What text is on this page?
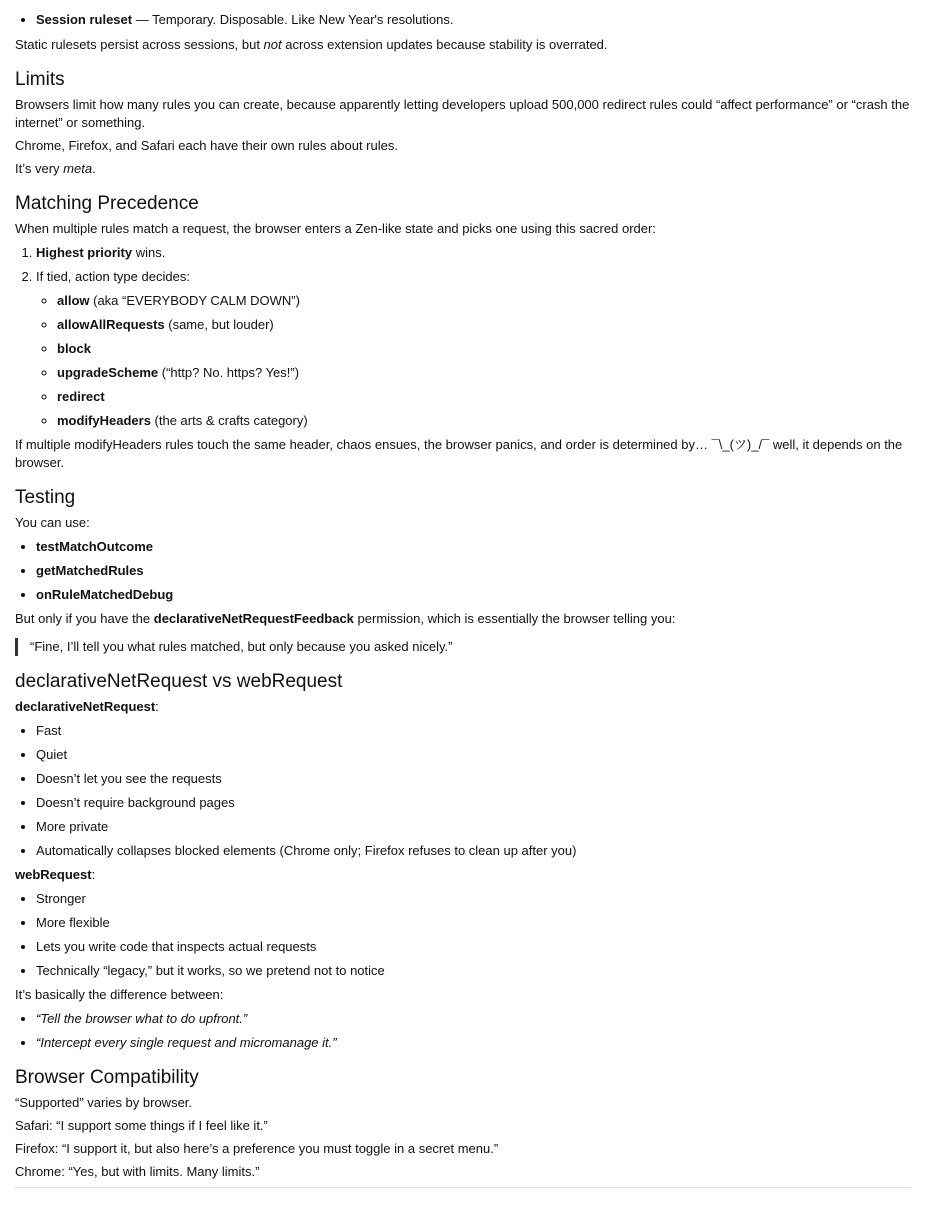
• Session ruleset — Temporary. Disposable. Like New Year's resolutions.

Static rulesets persist across sessions, but not across extension updates because stability is overrated.

Limits

Browsers limit how many rules you can create, because apparently letting developers upload 500,000 redirect rules could “affect performance” or “crash the internet” or something.

Chrome, Firefox, and Safari each have their own rules about rules.

It’s very meta.

Matching Precedence

When multiple rules match a request, the browser enters a Zen-like state and picks one using this sacred order:

1. Highest priority wins.
2. If tied, action type decides:
◦ allow (aka “EVERYBODY CALM DOWN”)
◦ allowAllRequests (same, but louder)
◦ block
◦ upgradeScheme (“http? No. https? Yes!”)
◦ redirect
◦ modifyHeaders (the arts & crafts category)

If multiple modifyHeaders rules touch the same header, chaos ensues, the browser panics, and order is determined by… ¯\_(ツ)_/¯ well, it depends on the browser.

Testing

You can use:

• testMatchOutcome
• getMatchedRules
• onRuleMatchedDebug

But only if you have the declarativeNetRequestFeedback permission, which is essentially the browser telling you:

“Fine, I’ll tell you what rules matched, but only because you asked nicely.”
declarativeNetRequest vs webRequest

declarativeNetRequest:

• Fast
• Quiet
• Doesn’t let you see the requests
• Doesn’t require background pages
• More private
• Automatically collapses blocked elements (Chrome only; Firefox refuses to clean up after you)

webRequest:

• Stronger
• More flexible
• Lets you write code that inspects actual requests
• Technically “legacy,” but it works, so we pretend not to notice

It’s basically the difference between:

• “Tell the browser what to do upfront.”
• “Intercept every single request and micromanage it.”
Browser Compatibility

“Supported” varies by browser.

Safari: “I support some things if I feel like it.”

Firefox: “I support it, but also here’s a preference you must toggle in a secret menu.”

Chrome: “Yes, but with limits. Many limits.”
